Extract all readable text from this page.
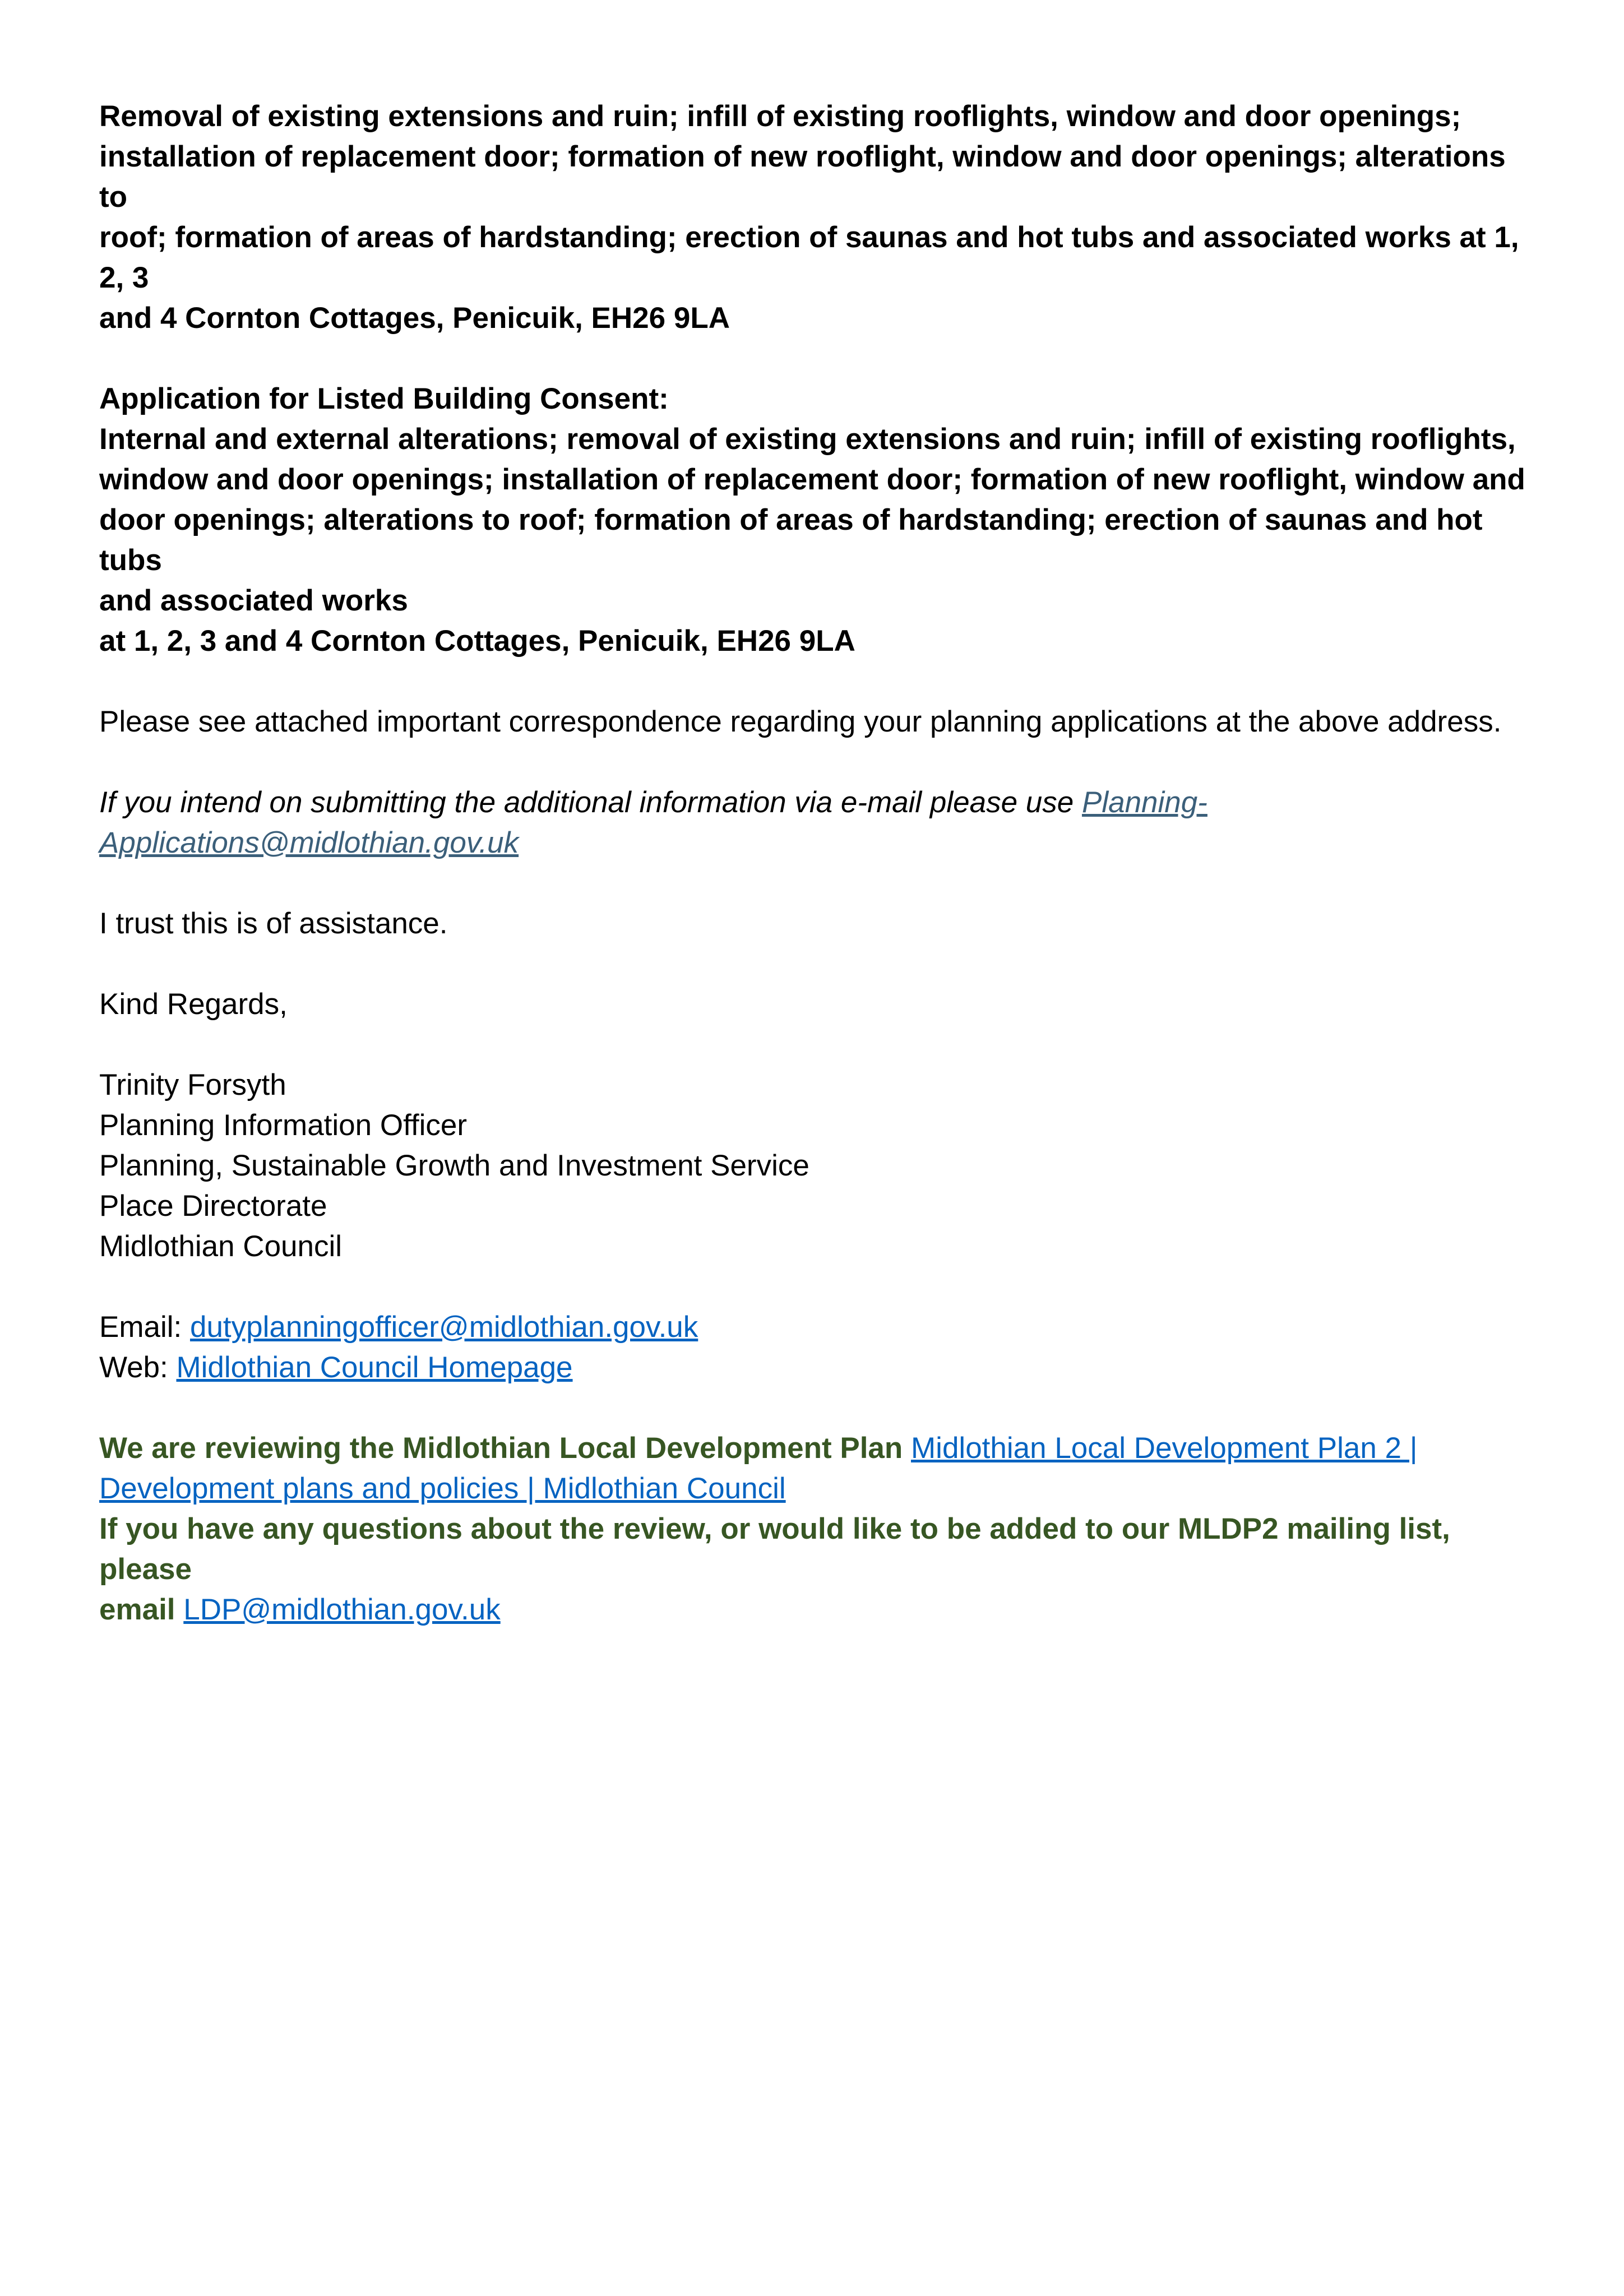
Removal of existing extensions and ruin; infill of existing rooflights, window and door openings;
installation of replacement door; formation of new rooflight, window and door openings; alterations to
roof; formation of areas of hardstanding; erection of saunas and hot tubs and associated works at 1, 2, 3
and 4 Cornton Cottages, Penicuik, EH26 9LA
Application for Listed Building Consent:
Internal and external alterations; removal of existing extensions and ruin; infill of existing rooflights,
window and door openings; installation of replacement door; formation of new rooflight, window and
door openings; alterations to roof; formation of areas of hardstanding; erection of saunas and hot tubs
and associated works
at 1, 2, 3 and 4 Cornton Cottages, Penicuik, EH26 9LA
Please see attached important correspondence regarding your planning applications at the above address.
If you intend on submitting the additional information via e-mail please use Planning-
Applications@midlothian.gov.uk
I trust this is of assistance.
Kind Regards,
Trinity Forsyth
Planning Information Officer
Planning, Sustainable Growth and Investment Service
Place Directorate
Midlothian Council
Email: dutyplanningofficer@midlothian.gov.uk
Web: Midlothian Council Homepage
We are reviewing the Midlothian Local Development Plan Midlothian Local Development Plan 2 |
Development plans and policies | Midlothian Council
If you have any questions about the review, or would like to be added to our MLDP2 mailing list, please
email LDP@midlothian.gov.uk
